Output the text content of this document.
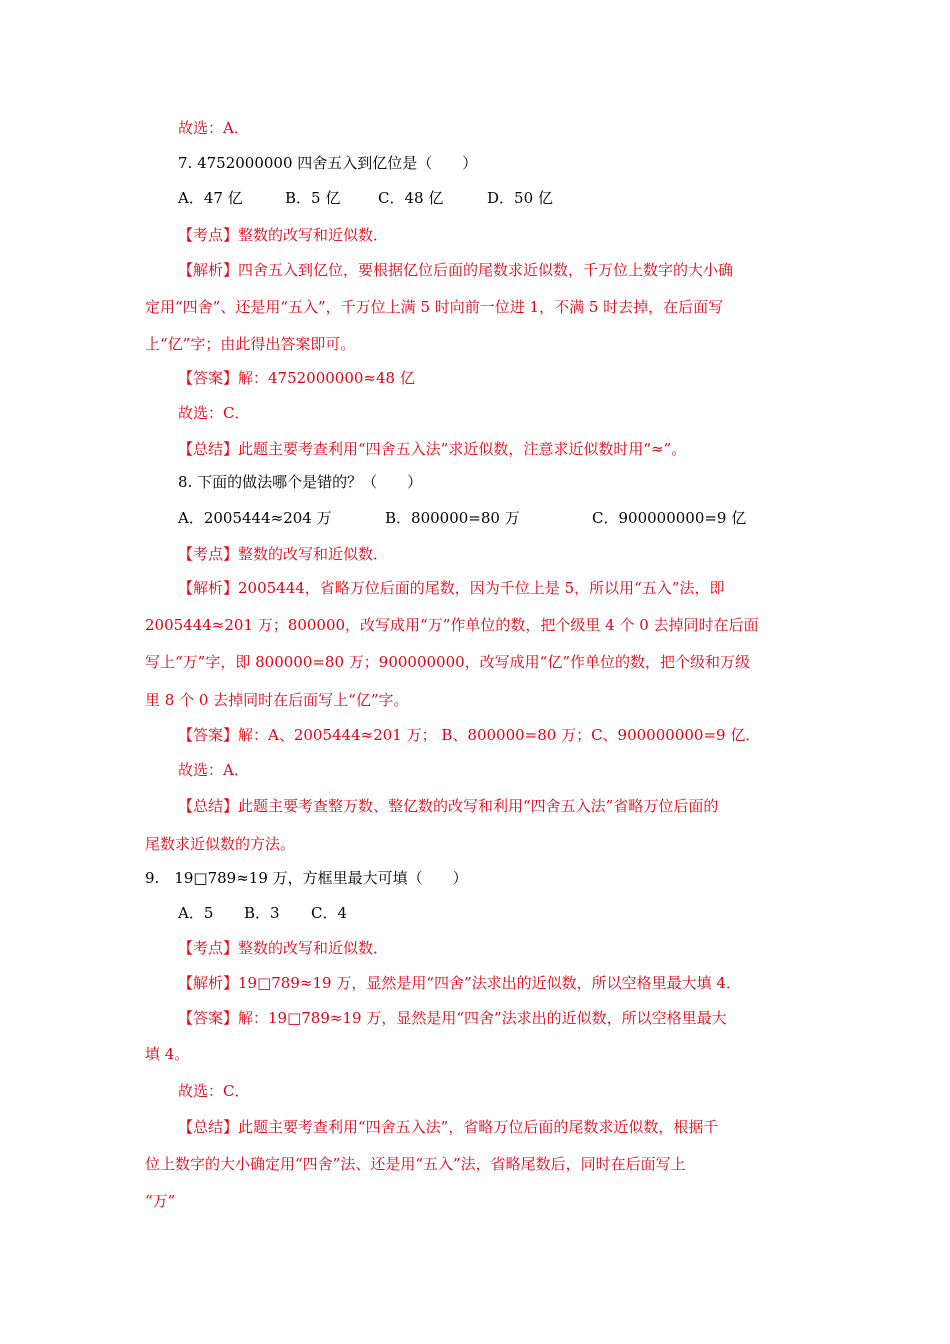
故选：A．
7. 4752000000 四舍五入到亿位是（　　）
A．47 亿	B．5 亿	C．48 亿	D．50 亿
【考点】整数的改写和近似数．
【解析】四舍五入到亿位，要根据亿位后面的尾数求近似数，千万位上数字的大小确
定用“四舍”、还是用“五入”，千万位上满 5 时向前一位进 1，不满 5 时去掉，在后面写
上“亿”字；由此得出答案即可。
【答案】解：4752000000≈48 亿
故选：C．
【总结】此题主要考查利用“四舍五入法”求近似数，注意求近似数时用“≈”。
8. 下面的做法哪个是错的？（　　）
A．2005444≈204 万	B．800000=80 万	C．900000000=9 亿
【考点】整数的改写和近似数．
【解析】2005444，省略万位后面的尾数，因为千位上是 5，所以用“五入”法，即
2005444≈201 万；800000，改写成用“万”作单位的数，把个级里 4 个 0 去掉同时在后面
写上“万”字，即 800000=80 万；900000000，改写成用“亿”作单位的数，把个级和万级
里 8 个 0 去掉同时在后面写上“亿”字。
【答案】解：A、2005444≈201 万； B、800000=80 万；C、900000000=9 亿．
故选：A．
【总结】此题主要考查整万数、整亿数的改写和利用“四舍五入法”省略万位后面的
尾数求近似数的方法。
9.　19□789≈19 万，方框里最大可填（　　）
A．5 B．3 C．4
【考点】整数的改写和近似数．
【解析】19□789≈19 万，显然是用“四舍”法求出的近似数，所以空格里最大填 4．
【答案】解：19□789≈19 万，显然是用“四舍”法求出的近似数，所以空格里最大
填 4。
故选：C．
【总结】此题主要考查利用“四舍五入法”，省略万位后面的尾数求近似数，根据千
位上数字的大小确定用“四舍”法、还是用“五入”法，省略尾数后，同时在后面写上
“万”
